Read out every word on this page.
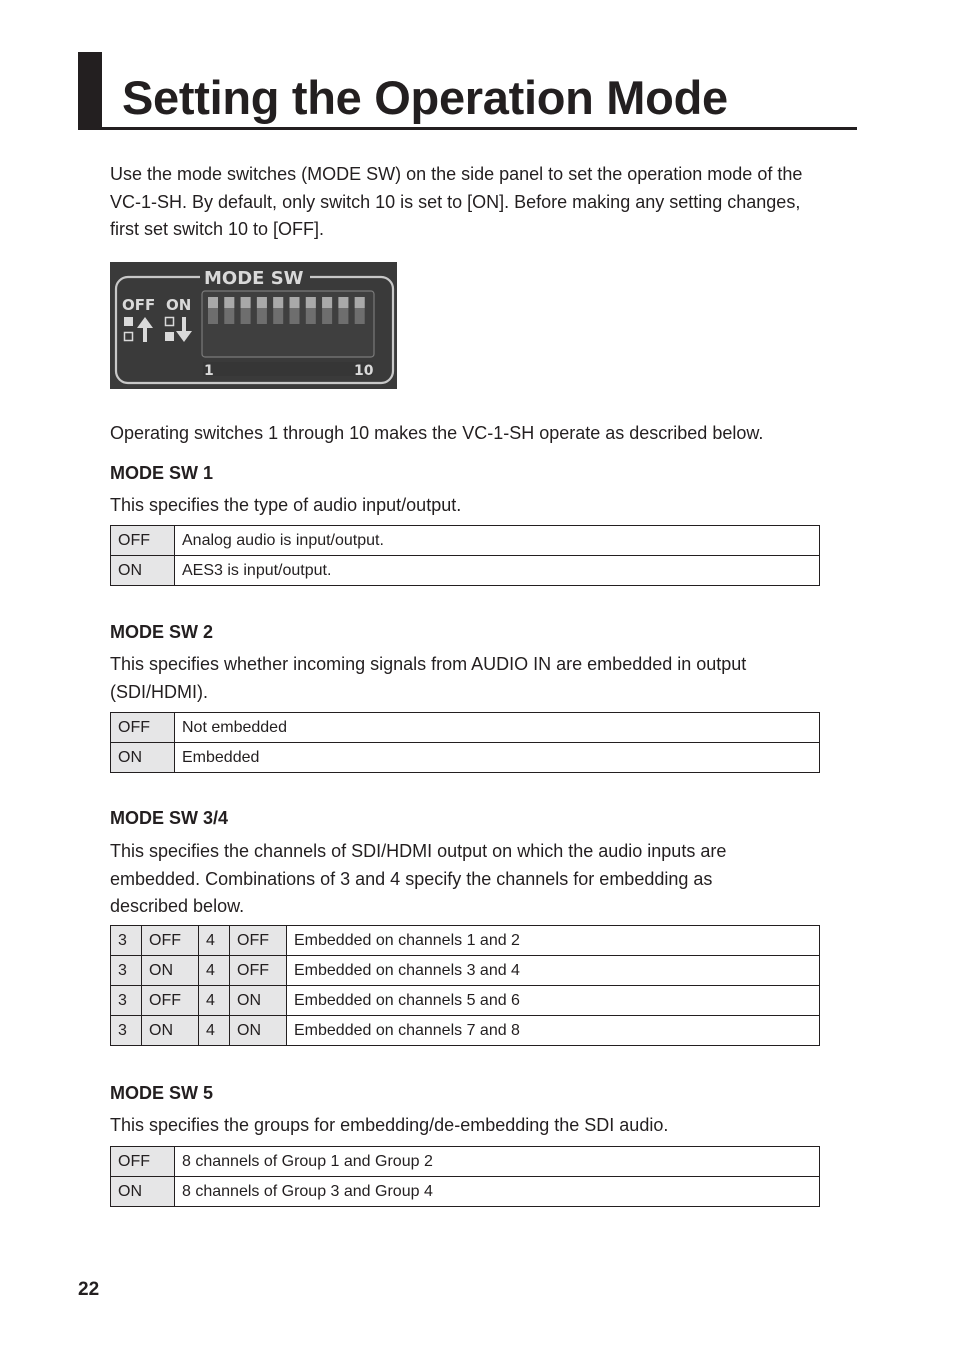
Setting the Operation Mode

Use the mode switches (MODE SW) on the side panel to set the operation mode of the VC-1-SH. By default, only switch 10 is set to [ON]. Before making any setting changes, first set switch 10 to [OFF].

MODE SW
OFF ON
1	10

Operating switches 1 through 10 makes the VC-1-SH operate as described below.

MODE SW 1

This specifies the type of audio input/output.

OFF	Analog audio is input/output.
ON	AES3 is input/output.

MODE SW 2

This specifies whether incoming signals from AUDIO IN are embedded in output (SDI/HDMI).

OFF	Not embedded
ON	Embedded

MODE SW 3/4

This specifies the channels of SDI/HDMI output on which the audio inputs are embedded. Combinations of 3 and 4 specify the channels for embedding as described below.

3	OFF	4	OFF	Embedded on channels 1 and 2
3	ON	4	OFF	Embedded on channels 3 and 4
3	OFF	4	ON	Embedded on channels 5 and 6
3	ON	4	ON	Embedded on channels 7 and 8

MODE SW 5

This specifies the groups for embedding/de-embedding the SDI audio.

OFF	8 channels of Group 1 and Group 2
ON	8 channels of Group 3 and Group 4

22
